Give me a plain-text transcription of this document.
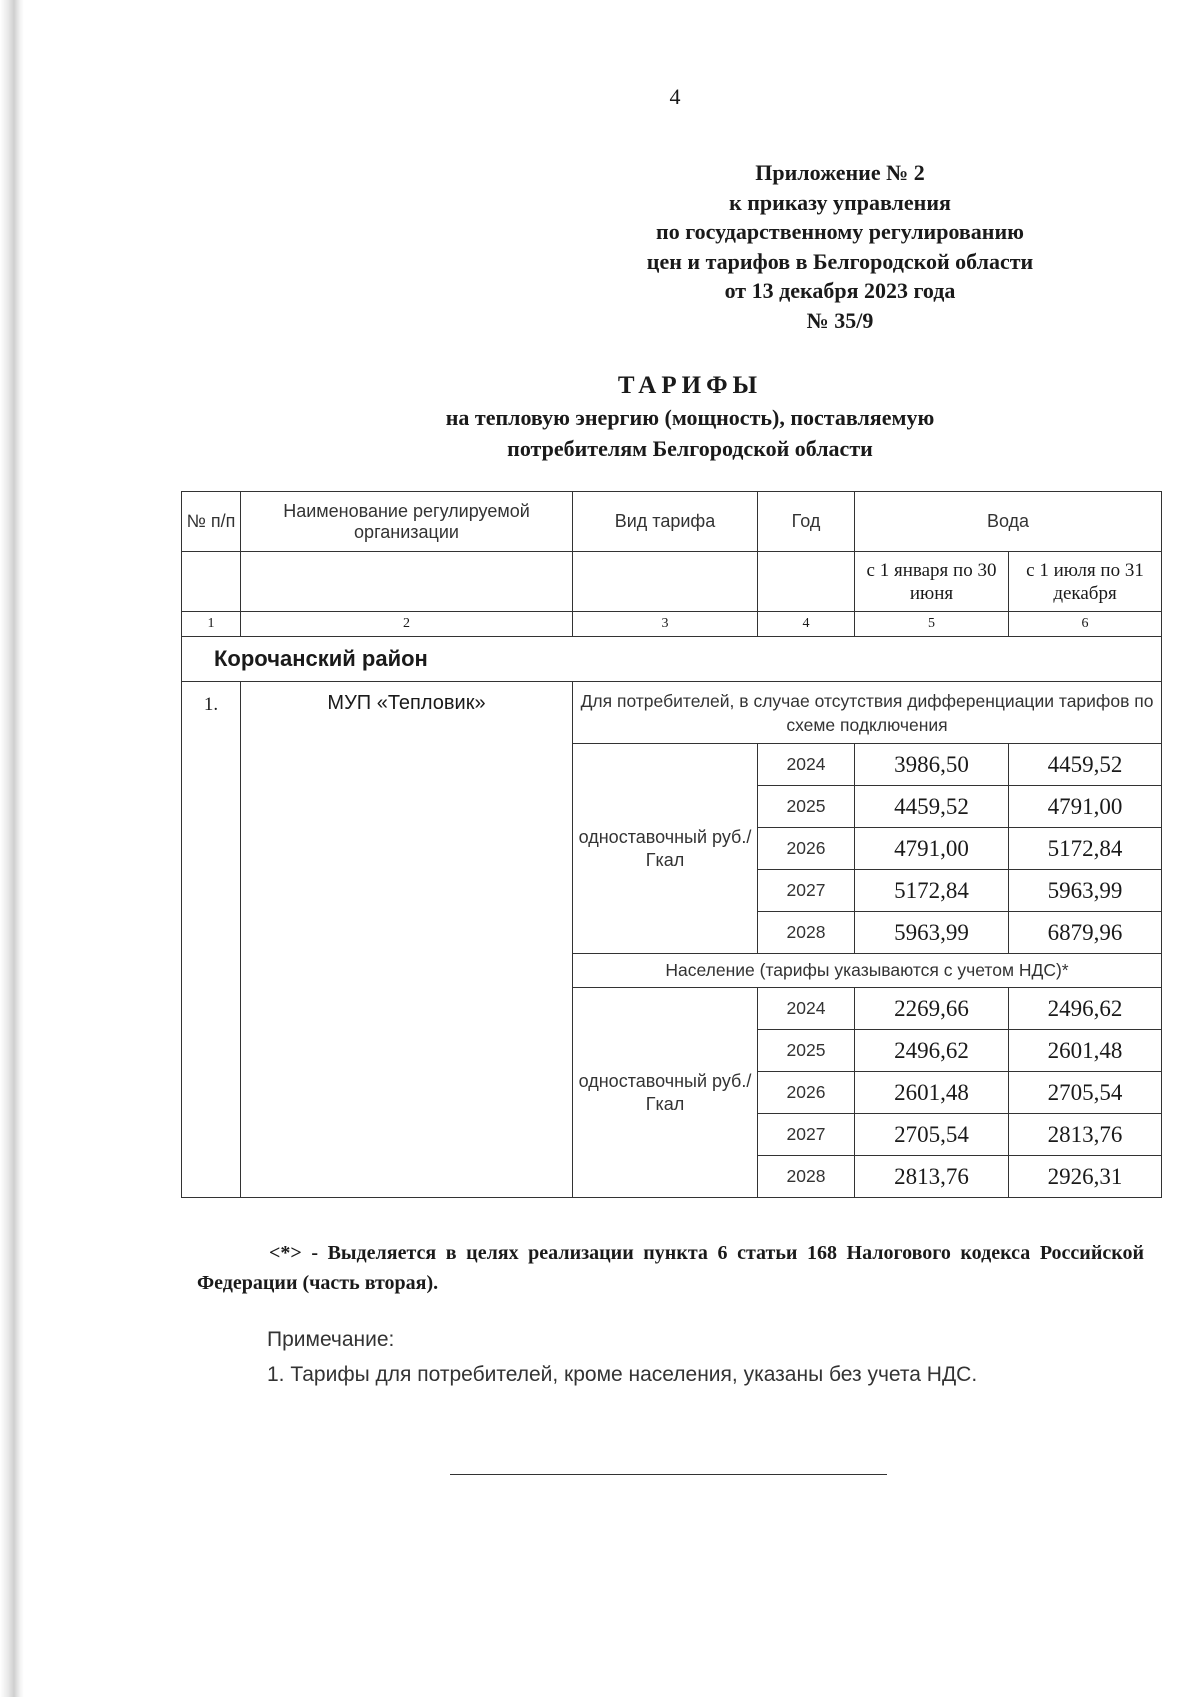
4
Приложение № 2
к приказу управления
по государственному регулированию
цен и тарифов в Белгородской области
от 13 декабря 2023 года
№ 35/9
ТАРИФЫ
на тепловую энергию (мощность), поставляемую
потребителям Белгородской области
№ п/п	Наименование регулируемой организации	Вид тарифа	Год	Вода	
				с 1 января по 30 июня	с 1 июля по 31 декабря
1	2	3	4	5	6
Корочанский район					
1.	МУП «Тепловик»	Для потребителей, в случае отсутствия дифференциации тарифов по схеме подключения			
		одноставочный руб./Гкал	2024	3986,50	4459,52
			2025	4459,52	4791,00
			2026	4791,00	5172,84
			2027	5172,84	5963,99
			2028	5963,99	6879,96
		Население (тарифы указываются с учетом НДС)*			
		одноставочный руб./Гкал	2024	2269,66	2496,62
			2025	2496,62	2601,48
			2026	2601,48	2705,54
			2027	2705,54	2813,76
			2028	2813,76	2926,31
<*> - Выделяется в целях реализации пункта 6 статьи 168 Налогового кодекса Российской Федерации (часть вторая).
Примечание:
1. Тарифы для потребителей, кроме населения, указаны без учета НДС.
